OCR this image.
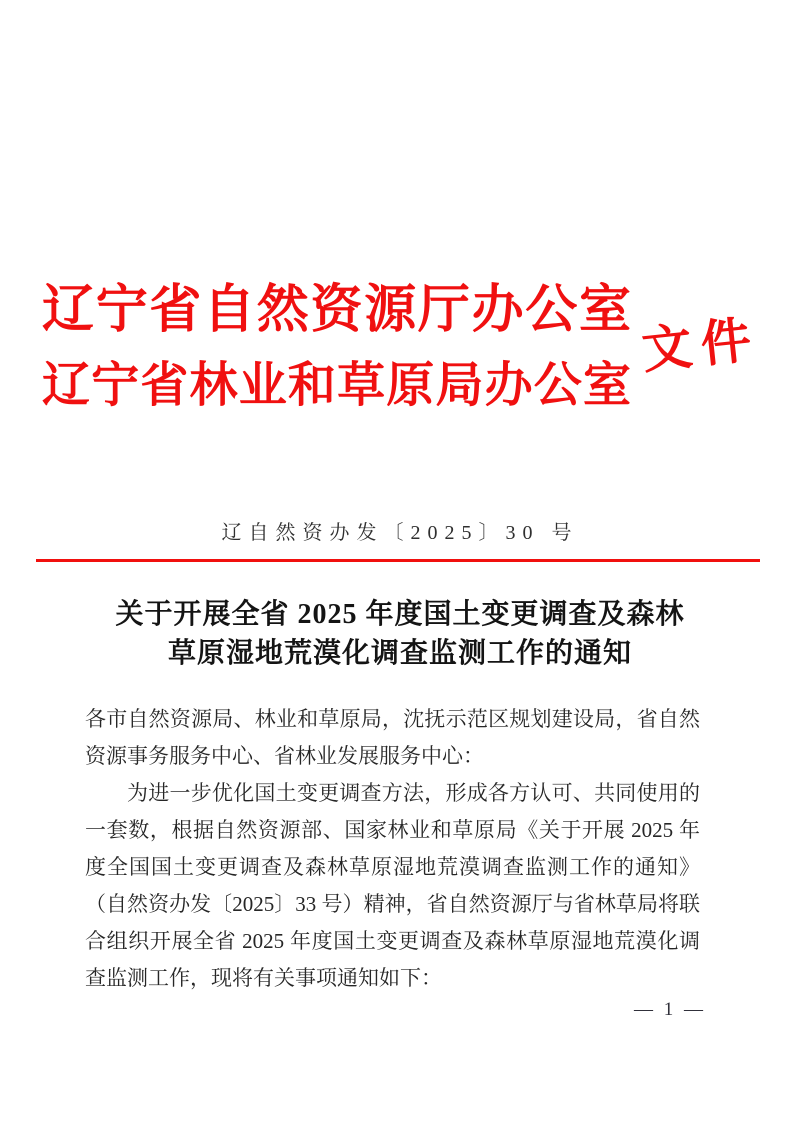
辽宁省自然资源厅办公室
辽宁省林业和草原局办公室
文件
辽自然资办发〔2025〕30 号
关于开展全省 2025 年度国土变更调查及森林
草原湿地荒漠化调查监测工作的通知

各市自然资源局、林业和草原局，沈抚示范区规划建设局，省自然资源事务服务中心、省林业发展服务中心：

为进一步优化国土变更调查方法，形成各方认可、共同使用的一套数，根据自然资源部、国家林业和草原局《关于开展 2025 年度全国国土变更调查及森林草原湿地荒漠调查监测工作的通知》（自然资办发〔2025〕33 号）精神，省自然资源厅与省林草局将联合组织开展全省 2025 年度国土变更调查及森林草原湿地荒漠化调查监测工作，现将有关事项通知如下：

— 1 —
